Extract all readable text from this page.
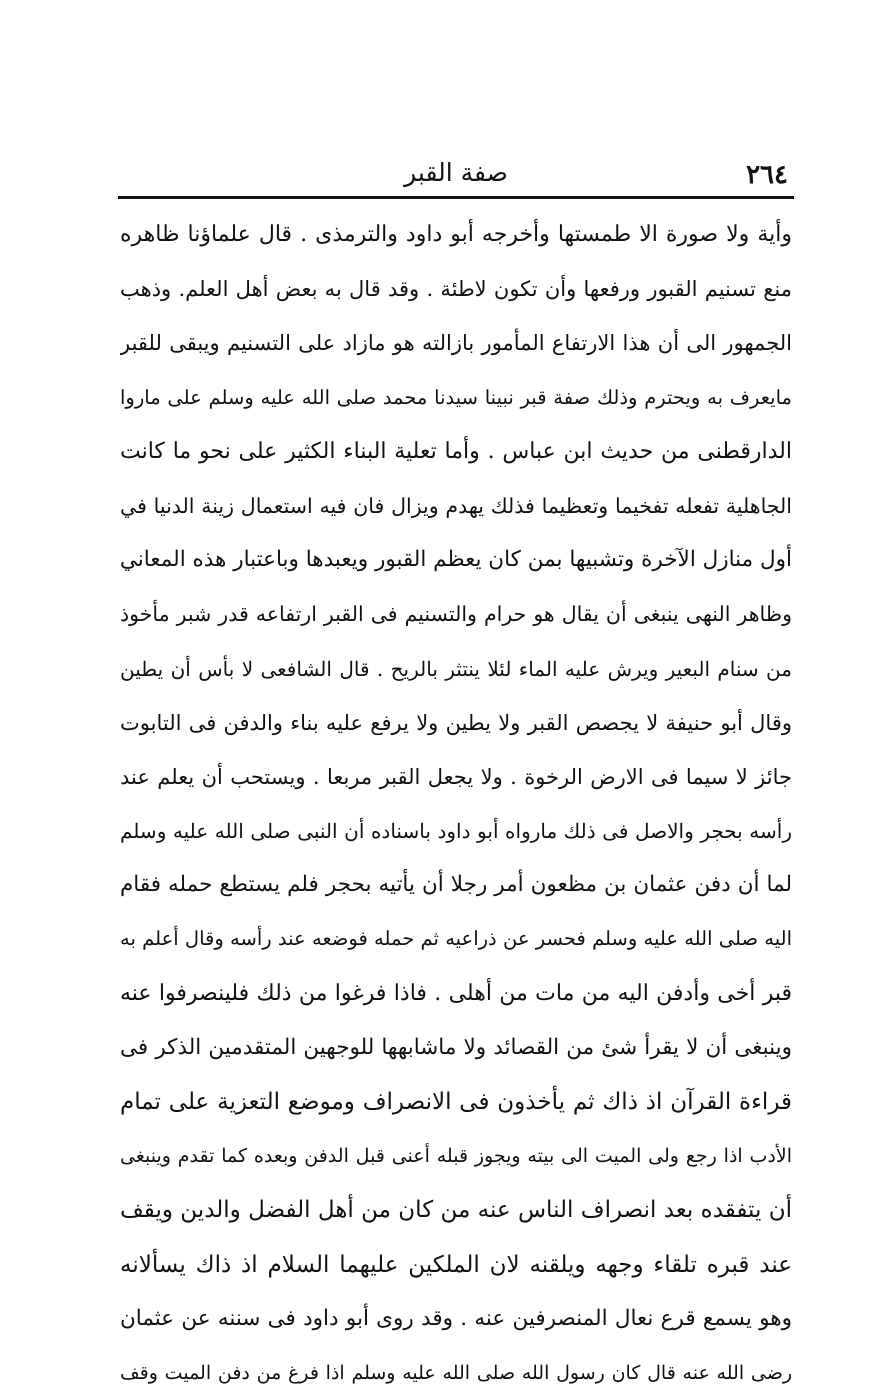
٢٦٤
صفة القبر
وأية ولا صورة الا طمستها وأخرجه أبو داود والترمذى . قال علماؤنا ظاهره
منع تسنيم القبور ورفعها وأن تكون لاطئة . وقد قال به بعض أهل العلم. وذهب
الجمهور الى أن هذا الارتفاع المأمور بازالته هو مازاد على التسنيم ويبقى للقبر
مايعرف به ويحترم وذلك صفة قبر نبينا سيدنا محمد صلى الله عليه وسلم على ماروا
الدارقطنى من حديث ابن عباس . وأما تعلية البناء الكثير على نحو ما كانت
الجاهلية تفعله تفخيما وتعظيما فذلك يهدم ويزال فان فيه استعمال زينة الدنيا في
أول منازل الآخرة وتشبيها بمن كان يعظم القبور ويعبدها وباعتبار هذه المعاني
وظاهر النهى ينبغى أن يقال هو حرام والتسنيم فى القبر ارتفاعه قدر شبر مأخوذ
من سنام البعير ويرش عليه الماء لئلا ينتثر بالريح . قال الشافعى لا بأس أن يطين
وقال أبو حنيفة لا يجصص القبر ولا يطين ولا يرفع عليه بناء والدفن فى التابوت
جائز لا سيما فى الارض الرخوة . ولا يجعل القبر مربعا . ويستحب أن يعلم عند
رأسه بحجر والاصل فى ذلك مارواه أبو داود باسناده أن النبى صلى الله عليه وسلم
لما أن دفن عثمان بن مظعون أمر رجلا أن يأتيه بحجر فلم يستطع حمله فقام
اليه صلى الله عليه وسلم فحسر عن ذراعيه ثم حمله فوضعه عند رأسه وقال أعلم به
قبر أخى وأدفن اليه من مات من أهلى . فاذا فرغوا من ذلك فلينصرفوا عنه
وينبغى أن لا يقرأ شئ من القصائد ولا ماشابهها للوجهين المتقدمين الذكر فى
قراءة القرآن اذ ذاك ثم يأخذون فى الانصراف وموضع التعزية على تمام
الأدب اذا رجع ولى الميت الى بيته ويجوز قبله أعنى قبل الدفن وبعده كما تقدم وينبغى
أن يتفقده بعد انصراف الناس عنه من كان من أهل الفضل والدين ويقف
عند قبره تلقاء وجهه ويلقنه لان الملكين عليهما السلام اذ ذاك يسألانه
وهو يسمع قرع نعال المنصرفين عنه . وقد روى أبو داود فى سننه عن عثمان
رضى الله عنه قال كان رسول الله صلى الله عليه وسلم اذا فرغ من دفن الميت وقف
